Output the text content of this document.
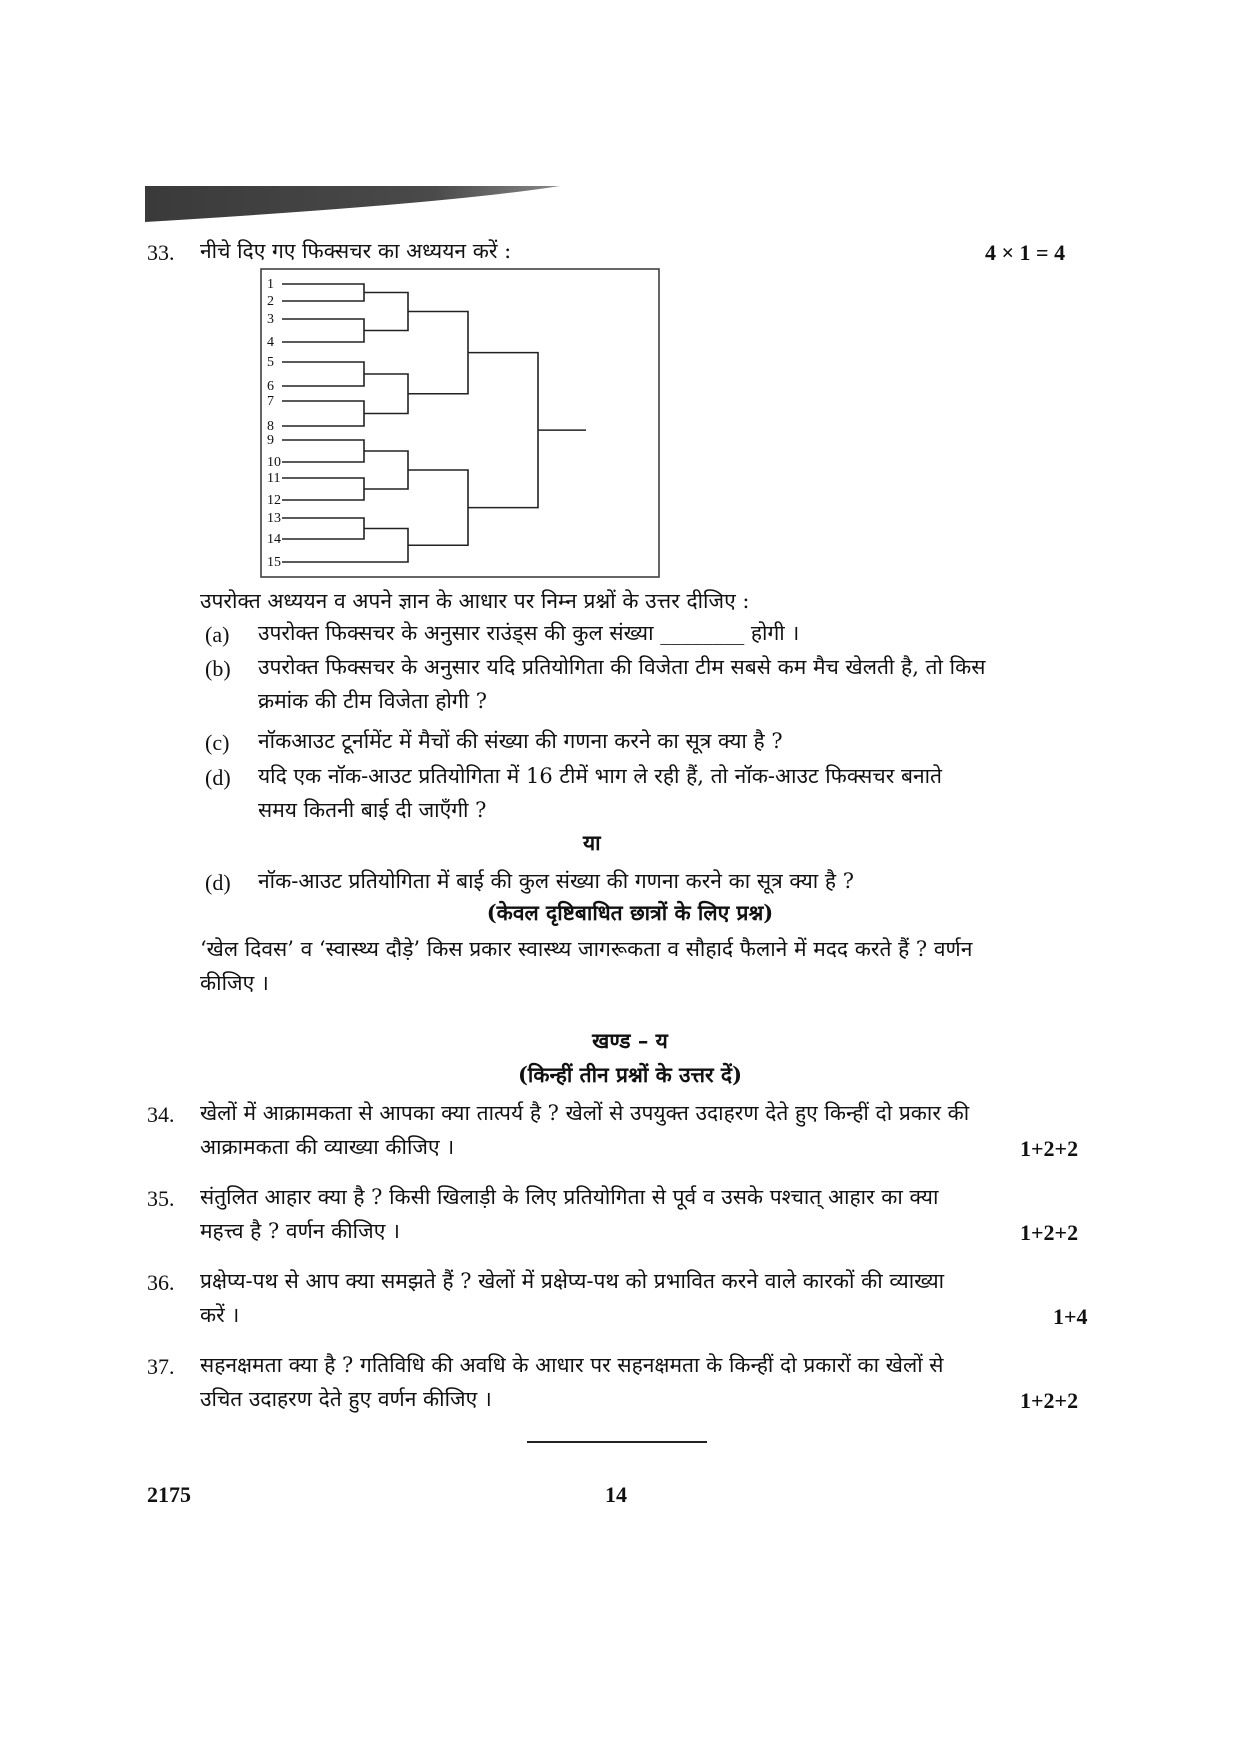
33. नीचे दिए गए फिक्सचर का अध्ययन करें :	4 × 1 = 4
1
2
3
4
5
6
7
8
9
10
11
12
13
14
15
उपरोक्त अध्ययन व अपने ज्ञान के आधार पर निम्न प्रश्नों के उत्तर दीजिए :
(a) उपरोक्त फिक्सचर के अनुसार राउंड्स की कुल संख्या ________ होगी ।
(b) उपरोक्त फिक्सचर के अनुसार यदि प्रतियोगिता की विजेता टीम सबसे कम मैच खेलती है, तो किस
क्रमांक की टीम विजेता होगी ?
(c) नॉकआउट टूर्नामेंट में मैचों की संख्या की गणना करने का सूत्र क्या है ?
(d) यदि एक नॉक-आउट प्रतियोगिता में 16 टीमें भाग ले रही हैं, तो नॉक-आउट फिक्सचर बनाते
समय कितनी बाई दी जाएँगी ?
या
(d) नॉक-आउट प्रतियोगिता में बाई की कुल संख्या की गणना करने का सूत्र क्या है ?
(केवल दृष्टिबाधित छात्रों के लिए प्रश्न)
‘खेल दिवस’ व ‘स्वास्थ्य दौड़े’ किस प्रकार स्वास्थ्य जागरूकता व सौहार्द फैलाने में मदद करते हैं ? वर्णन
कीजिए ।
खण्ड – य
(किन्हीं तीन प्रश्नों के उत्तर दें)
34. खेलों में आक्रामकता से आपका क्या तात्पर्य है ? खेलों से उपयुक्त उदाहरण देते हुए किन्हीं दो प्रकार की
आक्रामकता की व्याख्या कीजिए ।	1+2+2
35. संतुलित आहार क्या है ? किसी खिलाड़ी के लिए प्रतियोगिता से पूर्व व उसके पश्चात् आहार का क्या
महत्त्व है ? वर्णन कीजिए ।	1+2+2
36. प्रक्षेप्य-पथ से आप क्या समझते हैं ? खेलों में प्रक्षेप्य-पथ को प्रभावित करने वाले कारकों की व्याख्या
करें ।	1+4
37. सहनक्षमता क्या है ? गतिविधि की अवधि के आधार पर सहनक्षमता के किन्हीं दो प्रकारों का खेलों से
उचित उदाहरण देते हुए वर्णन कीजिए ।	1+2+2
2175	14
